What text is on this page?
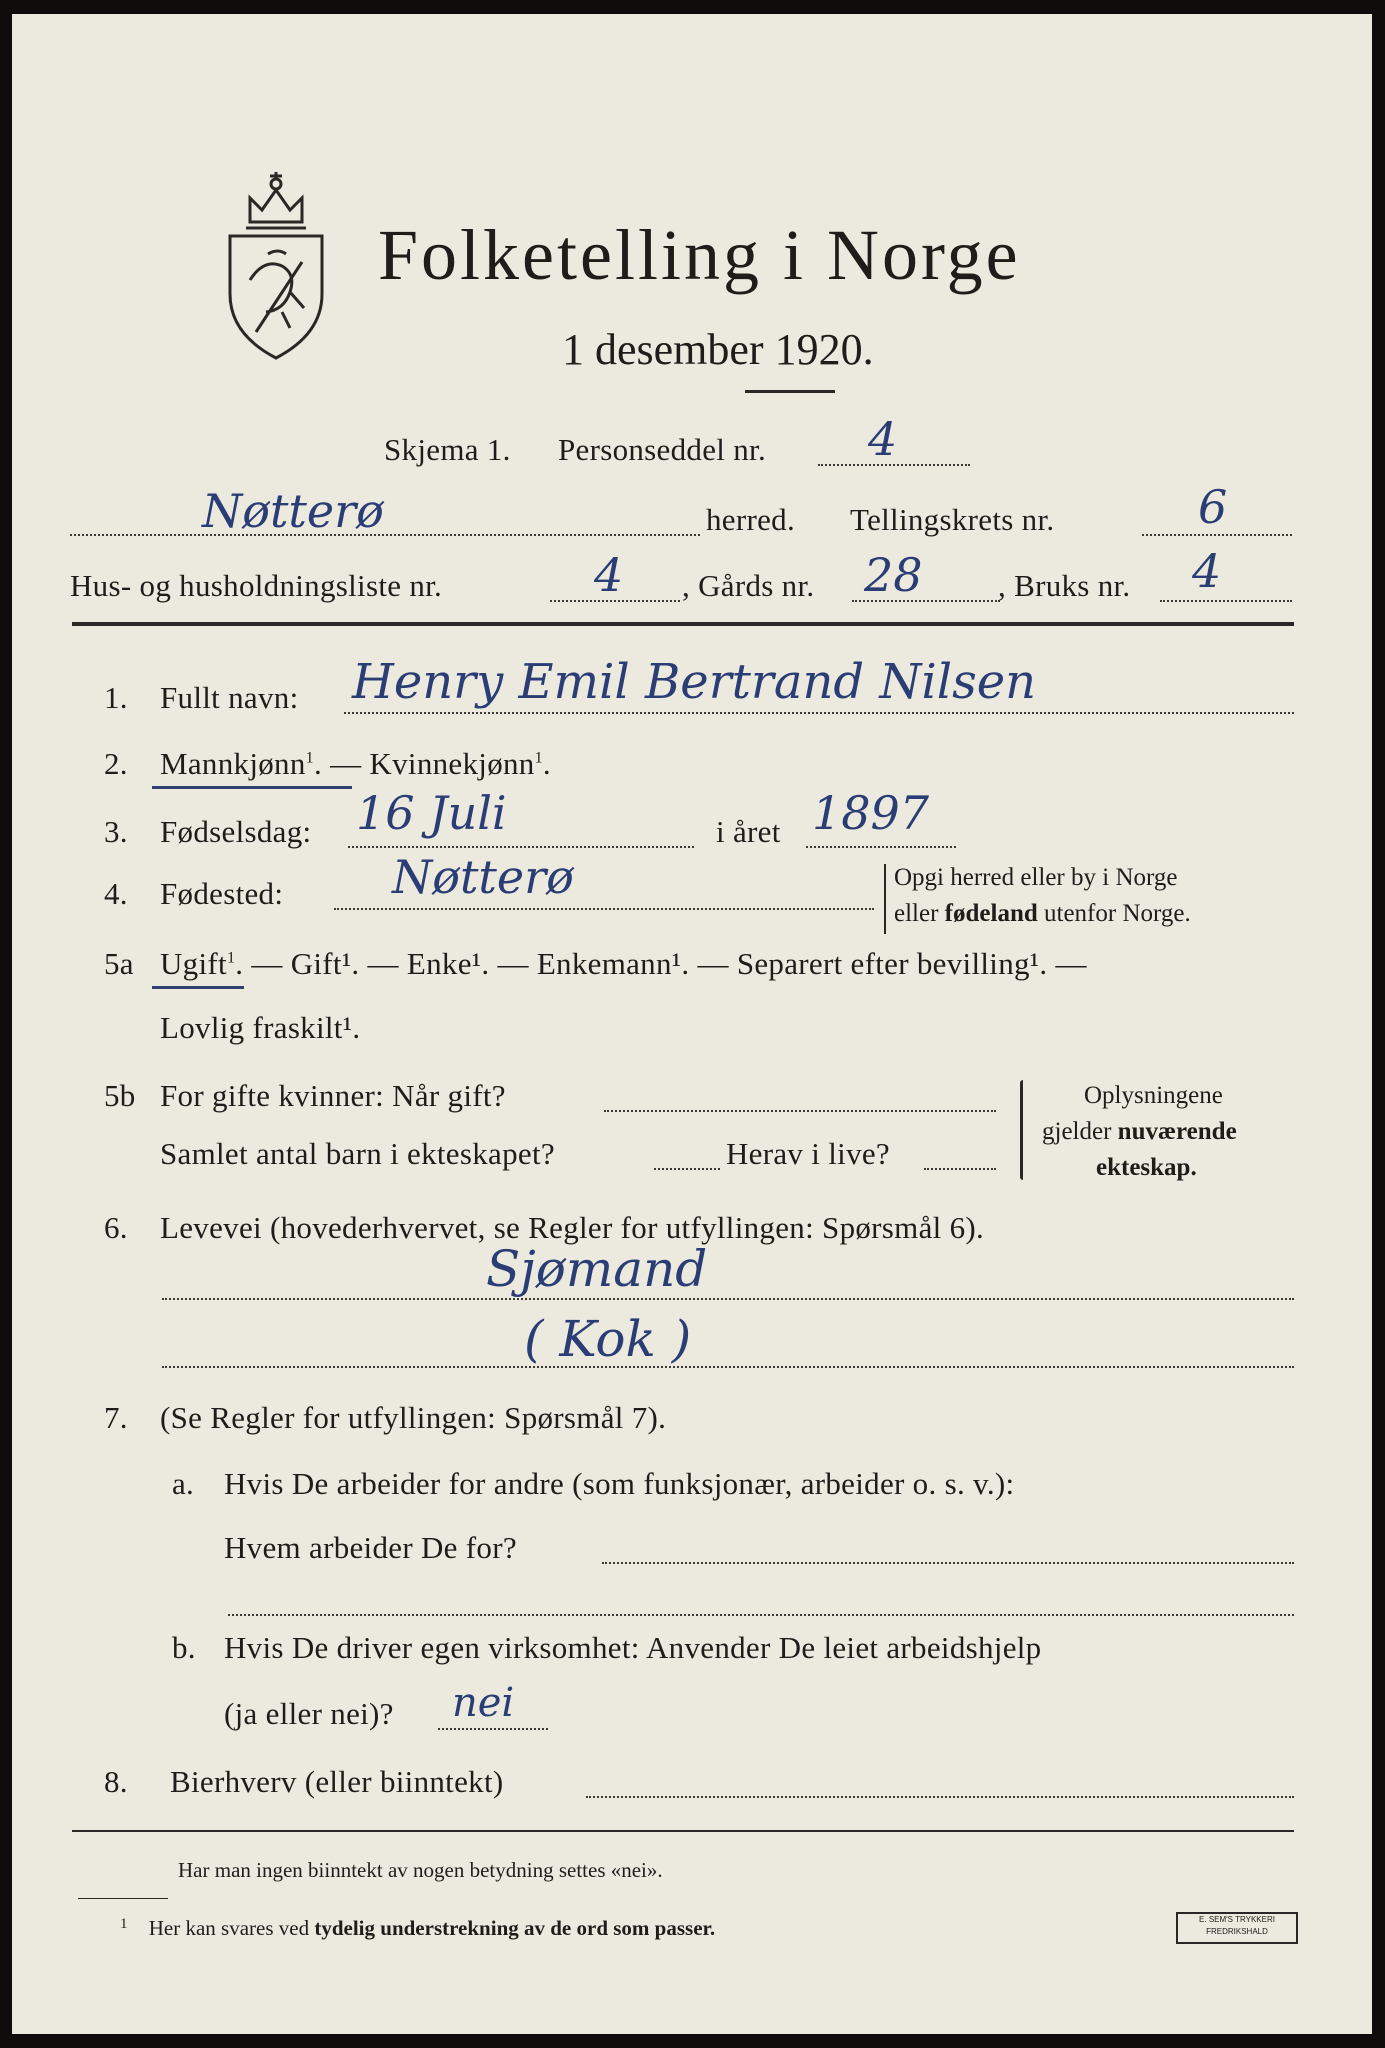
Folketelling i Norge
1 desember 1920.
Skjema 1. Personseddel nr. 4
Nøtterø	herred. Tellingskrets nr.	6
Hus- og husholdningsliste nr.	4 , Gårds nr. 28 , Bruks nr. 4
1. Fullt navn: Henry Emil Bertrand Nilsen
2. Mannkjønn$^1$. — Kvinnekjønn$^1$.
3. Fødselsdag: 16 Juli	i året 1897
4. Fødested: Nøtterø	Opgi herred eller by i Norge
eller fødeland utenfor Norge.
5a Ugift$^1$. — Gift¹. — Enke¹. — Enkemann¹. — Separert efter bevilling¹. —
Lovlig fraskilt¹.
5b For gifte kvinner: Når gift?
Samlet antal barn i ekteskapet?	Herav i live?
Oplysningene
gjelder nuværende
ekteskap.
6. Levevei (hovederhvervet, se Regler for utfyllingen: Spørsmål 6).
Sjømand
( Kok )
7. (Se Regler for utfyllingen: Spørsmål 7).
a. Hvis De arbeider for andre (som funksjonær, arbeider o. s. v.):
Hvem arbeider De for?
b. Hvis De driver egen virksomhet: Anvender De leiet arbeidshjelp
(ja eller nei)? nei
8. Bierhverv (eller biinntekt)
Har man ingen biinntekt av nogen betydning settes «nei».
$^1$ Her kan svares ved tydelig understrekning av de ord som passer.	E. SEM'S TRYKKERI
FREDRIKSHALD
